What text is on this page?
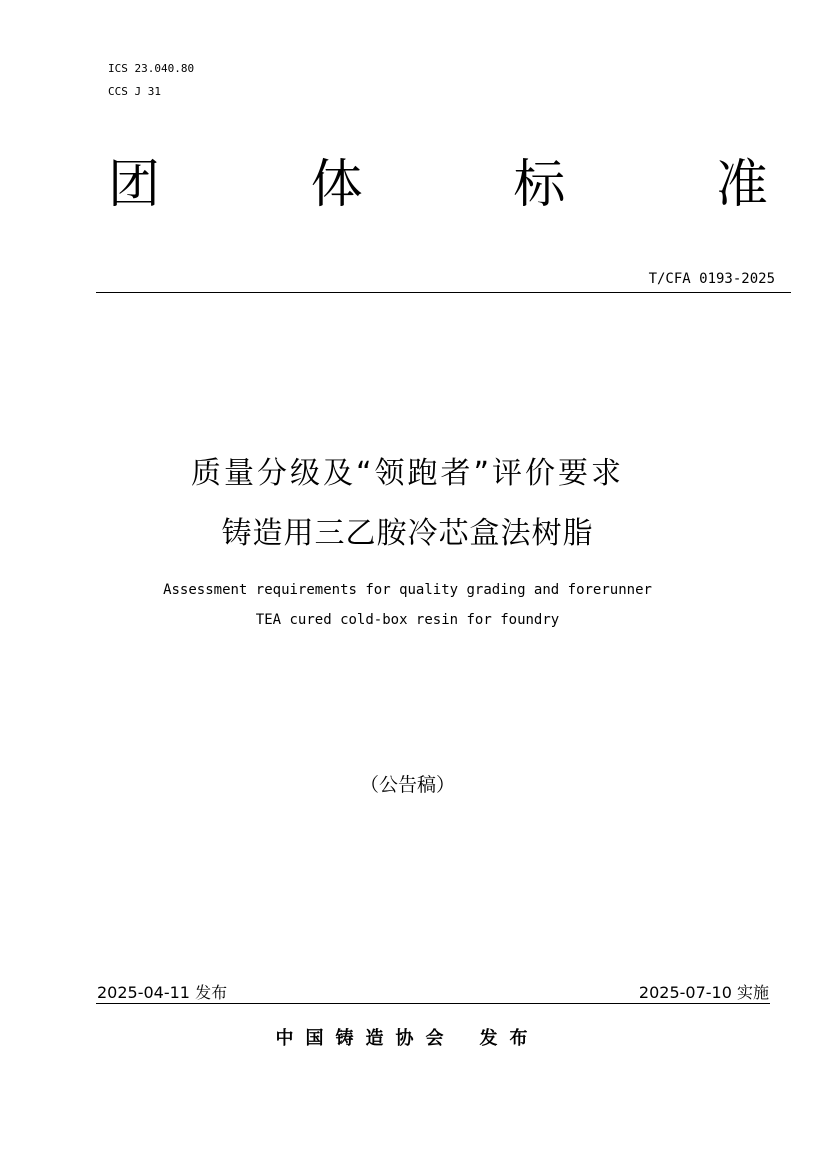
ICS 23.040.80
CCS J 31
团	体	标	准
T/CFA 0193-2025
质量分级及“领跑者”评价要求
铸造用三乙胺冷芯盒法树脂
Assessment requirements for quality grading and forerunner
TEA cured cold-box resin for foundry
（公告稿）
2025-04-11 发布	2025-07-10 实施
中国铸造协会 发布
